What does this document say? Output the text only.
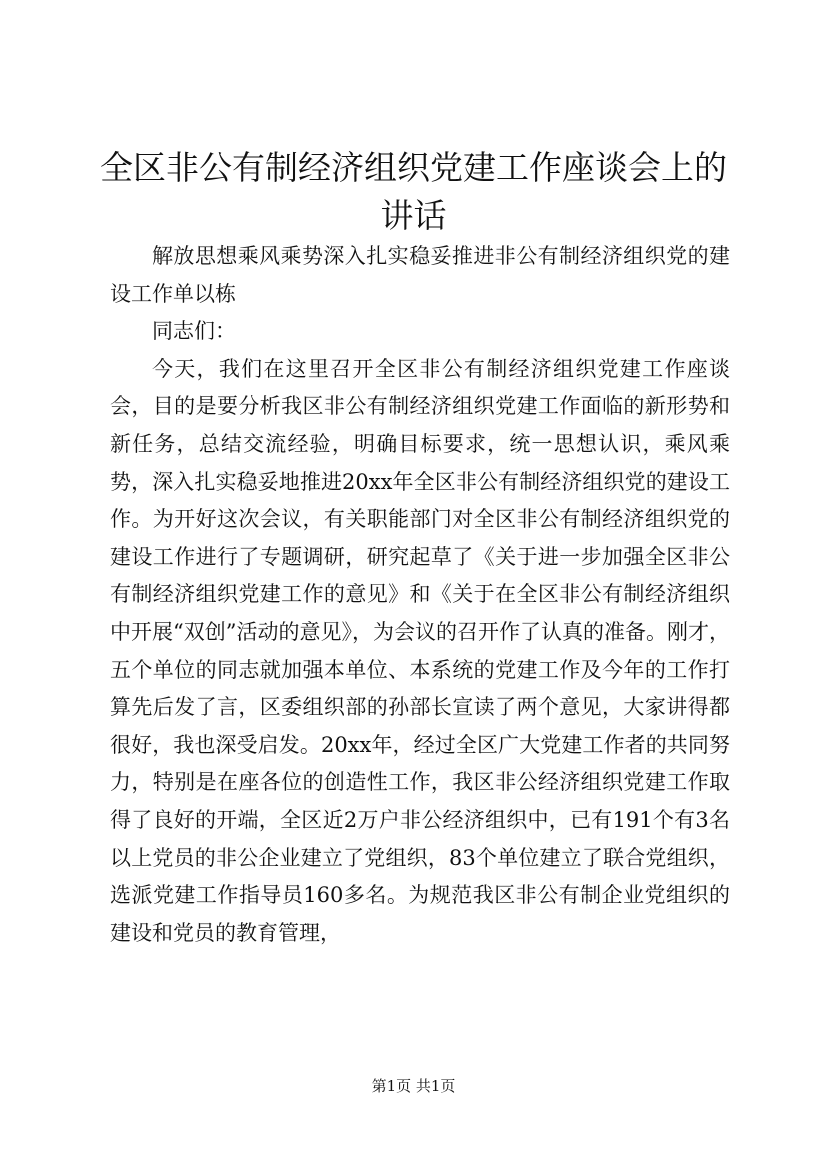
全区非公有制经济组织党建工作座谈会上的讲话

解放思想乘风乘势深入扎实稳妥推进非公有制经济组织党的建设工作单以栋

同志们：

今天，我们在这里召开全区非公有制经济组织党建工作座谈会，目的是要分析我区非公有制经济组织党建工作面临的新形势和新任务，总结交流经验，明确目标要求，统一思想认识，乘风乘势，深入扎实稳妥地推进20xx年全区非公有制经济组织党的建设工作。为开好这次会议，有关职能部门对全区非公有制经济组织党的建设工作进行了专题调研，研究起草了《关于进一步加强全区非公有制经济组织党建工作的意见》和《关于在全区非公有制经济组织中开展“双创”活动的意见》，为会议的召开作了认真的准备。刚才，五个单位的同志就加强本单位、本系统的党建工作及今年的工作打算先后发了言，区委组织部的孙部长宣读了两个意见，大家讲得都很好，我也深受启发。20xx年，经过全区广大党建工作者的共同努力，特别是在座各位的创造性工作，我区非公经济组织党建工作取得了良好的开端，全区近2万户非公经济组织中，已有191个有3名以上党员的非公企业建立了党组织，83个单位建立了联合党组织，选派党建工作指导员160多名。为规范我区非公有制企业党组织的建设和党员的教育管理，

第1页 共1页
